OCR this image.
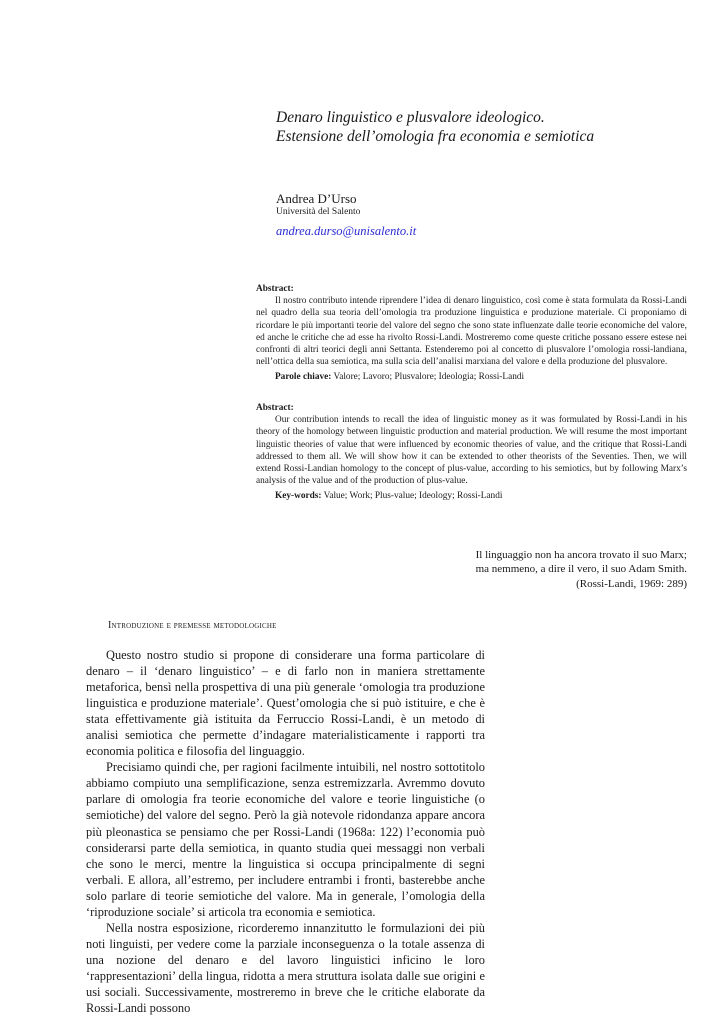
Denaro linguistico e plusvalore ideologico.
Estensione dell’omologia fra economia e semiotica
Andrea D’Urso
Università del Salento
andrea.durso@unisalento.it
Abstract:

Il nostro contributo intende riprendere l’idea di denaro linguistico, così come è stata formulata da Rossi-Landi nel quadro della sua teoria dell’omologia tra produzione linguistica e produzione materiale. Ci proponiamo di ricordare le più importanti teorie del valore del segno che sono state influenzate dalle teorie economiche del valore, ed anche le critiche che ad esse ha rivolto Rossi-Landi. Mostreremo come queste critiche possano essere estese nei confronti di altri teorici degli anni Settanta. Estenderemo poi al concetto di plusvalore l’omologia rossi-landiana, nell’ottica della sua semiotica, ma sulla scia dell’analisi marxiana del valore e della produzione del plusvalore.

Parole chiave: Valore; Lavoro; Plusvalore; Ideologia; Rossi-Landi
Abstract:

Our contribution intends to recall the idea of linguistic money as it was formulated by Rossi-Landi in his theory of the homology between linguistic production and material production. We will resume the most important linguistic theories of value that were influenced by economic theories of value, and the critique that Rossi-Landi addressed to them all. We will show how it can be extended to other theorists of the Seventies. Then, we will extend Rossi-Landian homology to the concept of plus-value, according to his semiotics, but by following Marx’s analysis of the value and of the production of plus-value.

Key-words: Value; Work; Plus-value; Ideology; Rossi-Landi
Il linguaggio non ha ancora trovato il suo Marx;
ma nemmeno, a dire il vero, il suo Adam Smith.
(Rossi-Landi, 1969: 289)
Introduzione e premesse metodologiche

Questo nostro studio si propone di considerare una forma particolare di denaro – il ‘denaro linguistico’ – e di farlo non in maniera strettamente metaforica, bensì nella prospettiva di una più generale ‘omologia tra produzione linguistica e produzione materiale’. Quest’omologia che si può istituire, e che è stata effettivamente già istituita da Ferruccio Rossi-Landi, è un metodo di analisi semiotica che permette d’indagare materialisticamente i rapporti tra economia politica e filosofia del linguaggio.

Precisiamo quindi che, per ragioni facilmente intuibili, nel nostro sottotitolo abbiamo compiuto una semplificazione, senza estremizzarla. Avremmo dovuto parlare di omologia fra teorie economiche del valore e teorie linguistiche (o semiotiche) del valore del segno. Però la già notevole ridondanza appare ancora più pleonastica se pensiamo che per Rossi-Landi (1968a: 122) l’economia può considerarsi parte della semiotica, in quanto studia quei messaggi non verbali che sono le merci, mentre la linguistica si occupa principalmente di segni verbali. E allora, all’estremo, per includere entrambi i fronti, basterebbe anche solo parlare di teorie semiotiche del valore. Ma in generale, l’omologia della ‘riproduzione sociale’ si articola tra economia e semiotica.

Nella nostra esposizione, ricorderemo innanzitutto le formulazioni dei più noti linguisti, per vedere come la parziale inconseguenza o la totale assenza di una nozione del denaro e del lavoro linguistici inficino le loro ‘rappresentazioni’ della lingua, ridotta a mera struttura isolata dalle sue origini e usi sociali. Successivamente, mostreremo in breve che le critiche elaborate da Rossi-Landi possono
